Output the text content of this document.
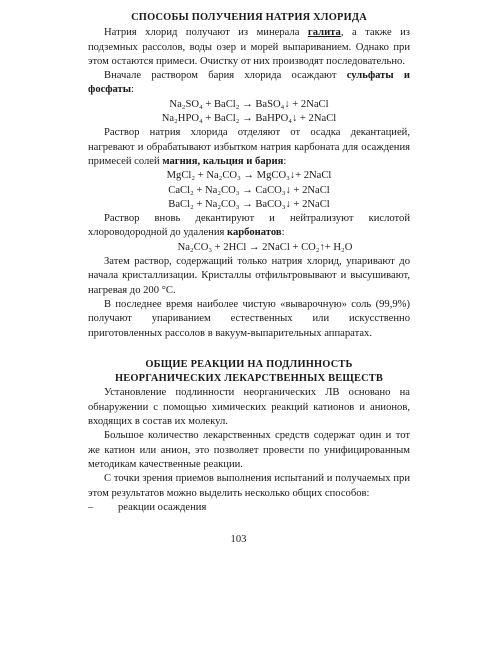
СПОСОБЫ ПОЛУЧЕНИЯ НАТРИЯ ХЛОРИДА

Натрия хлорид получают из минерала галита, а также из подземных рассолов, воды озер и морей выпариванием. Однако при этом остаются примеси. Очистку от них производят последовательно.

Вначале раствором бария хлорида осаждают сульфаты и фосфаты:

Na₂SO₄ + BaCl₂ → BaSO₄↓ + 2NaCl
Na₂HPO₄ + BaCl₂ → BaHPO₄↓ + 2NaCl

Раствор натрия хлорида отделяют от осадка декантацией, нагревают и обрабатывают избытком натрия карбоната для осаждения примесей солей магния, кальция и бария:

MgCl₂ + Na₂CO₃ → MgCO₃↓+ 2NaCl
CaCl₂ + Na₂CO₃ → CaCO₃↓ + 2NaCl
BaCl₂ + Na₂CO₃ → BaCO₃↓ + 2NaCl

Раствор вновь декантируют и нейтрализуют кислотой хлороводородной до удаления карбонатов:

Na₂CO₃ + 2HCl → 2NaCl + CO₂↑+ H₂O

Затем раствор, содержащий только натрия хлорид, упаривают до начала кристаллизации. Кристаллы отфильтровывают и высушивают, нагревая до 200 °С.

В последнее время наиболее чистую «выварочную» соль (99,9%) получают упариванием естественных или искусственно приготовленных рассолов в вакуум-выпарительных аппаратах.

ОБЩИЕ РЕАКЦИИ НА ПОДЛИННОСТЬ
НЕОРГАНИЧЕСКИХ ЛЕКАРСТВЕННЫХ ВЕЩЕСТВ

Установление подлинности неорганических ЛВ основано на обнаружении с помощью химических реакций катионов и анионов, входящих в состав их молекул.

Большое количество лекарственных средств содержат один и тот же катион или анион, это позволяет провести по унифицированным методикам качественные реакции.

С точки зрения приемов выполнения испытаний и получаемых при этом результатов можно выделить несколько общих способов:

–	реакции осаждения
103
